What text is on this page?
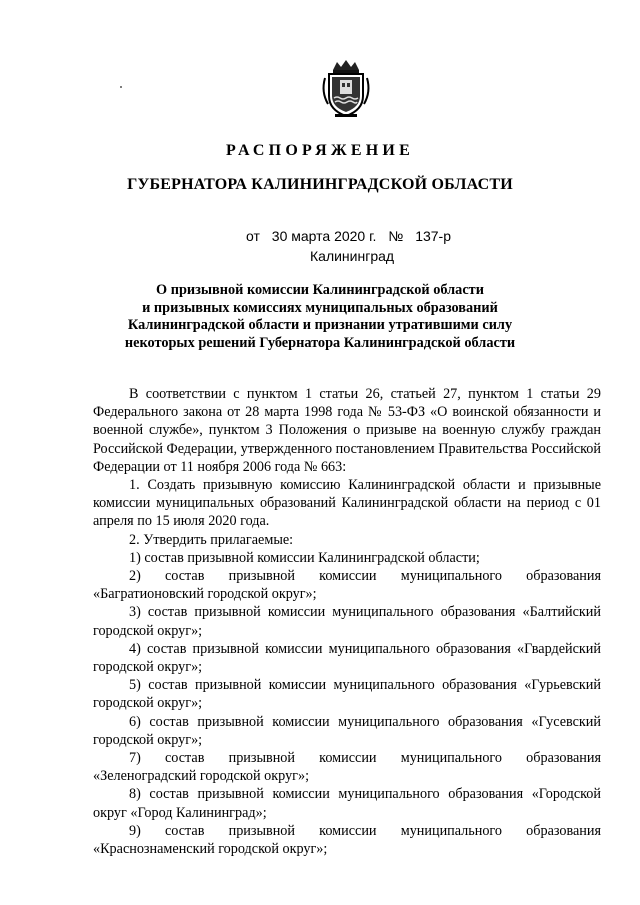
РАСПОРЯЖЕНИЕ
ГУБЕРНАТОРА КАЛИНИНГРАДСКОЙ ОБЛАСТИ
от 30 марта 2020 г. № 137-р
Калининград
О призывной комиссии Калининградской области
и призывных комиссиях муниципальных образований
Калининградской области и признании утратившими силу
некоторых решений Губернатора Калининградской области

В соответствии с пунктом 1 статьи 26, статьей 27, пунктом 1 статьи 29 Федерального закона от 28 марта 1998 года № 53-ФЗ «О воинской обязанности и военной службе», пунктом 3 Положения о призыве на военную службу граждан Российской Федерации, утвержденного постановлением Правительства Российской Федерации от 11 ноября 2006 года № 663:

1. Создать призывную комиссию Калининградской области и призывные комиссии муниципальных образований Калининградской области на период с 01 апреля по 15 июля 2020 года.

2. Утвердить прилагаемые:

1) состав призывной комиссии Калининградской области;

2) состав призывной комиссии муниципального образования «Багратионовский городской округ»;

3) состав призывной комиссии муниципального образования «Балтийский городской округ»;

4) состав призывной комиссии муниципального образования «Гвардейский городской округ»;

5) состав призывной комиссии муниципального образования «Гурьевский городской округ»;

6) состав призывной комиссии муниципального образования «Гусевский городской округ»;

7) состав призывной комиссии муниципального образования «Зеленоградский городской округ»;

8) состав призывной комиссии муниципального образования «Городской округ «Город Калининград»;

9) состав призывной комиссии муниципального образования «Краснознаменский городской округ»;
